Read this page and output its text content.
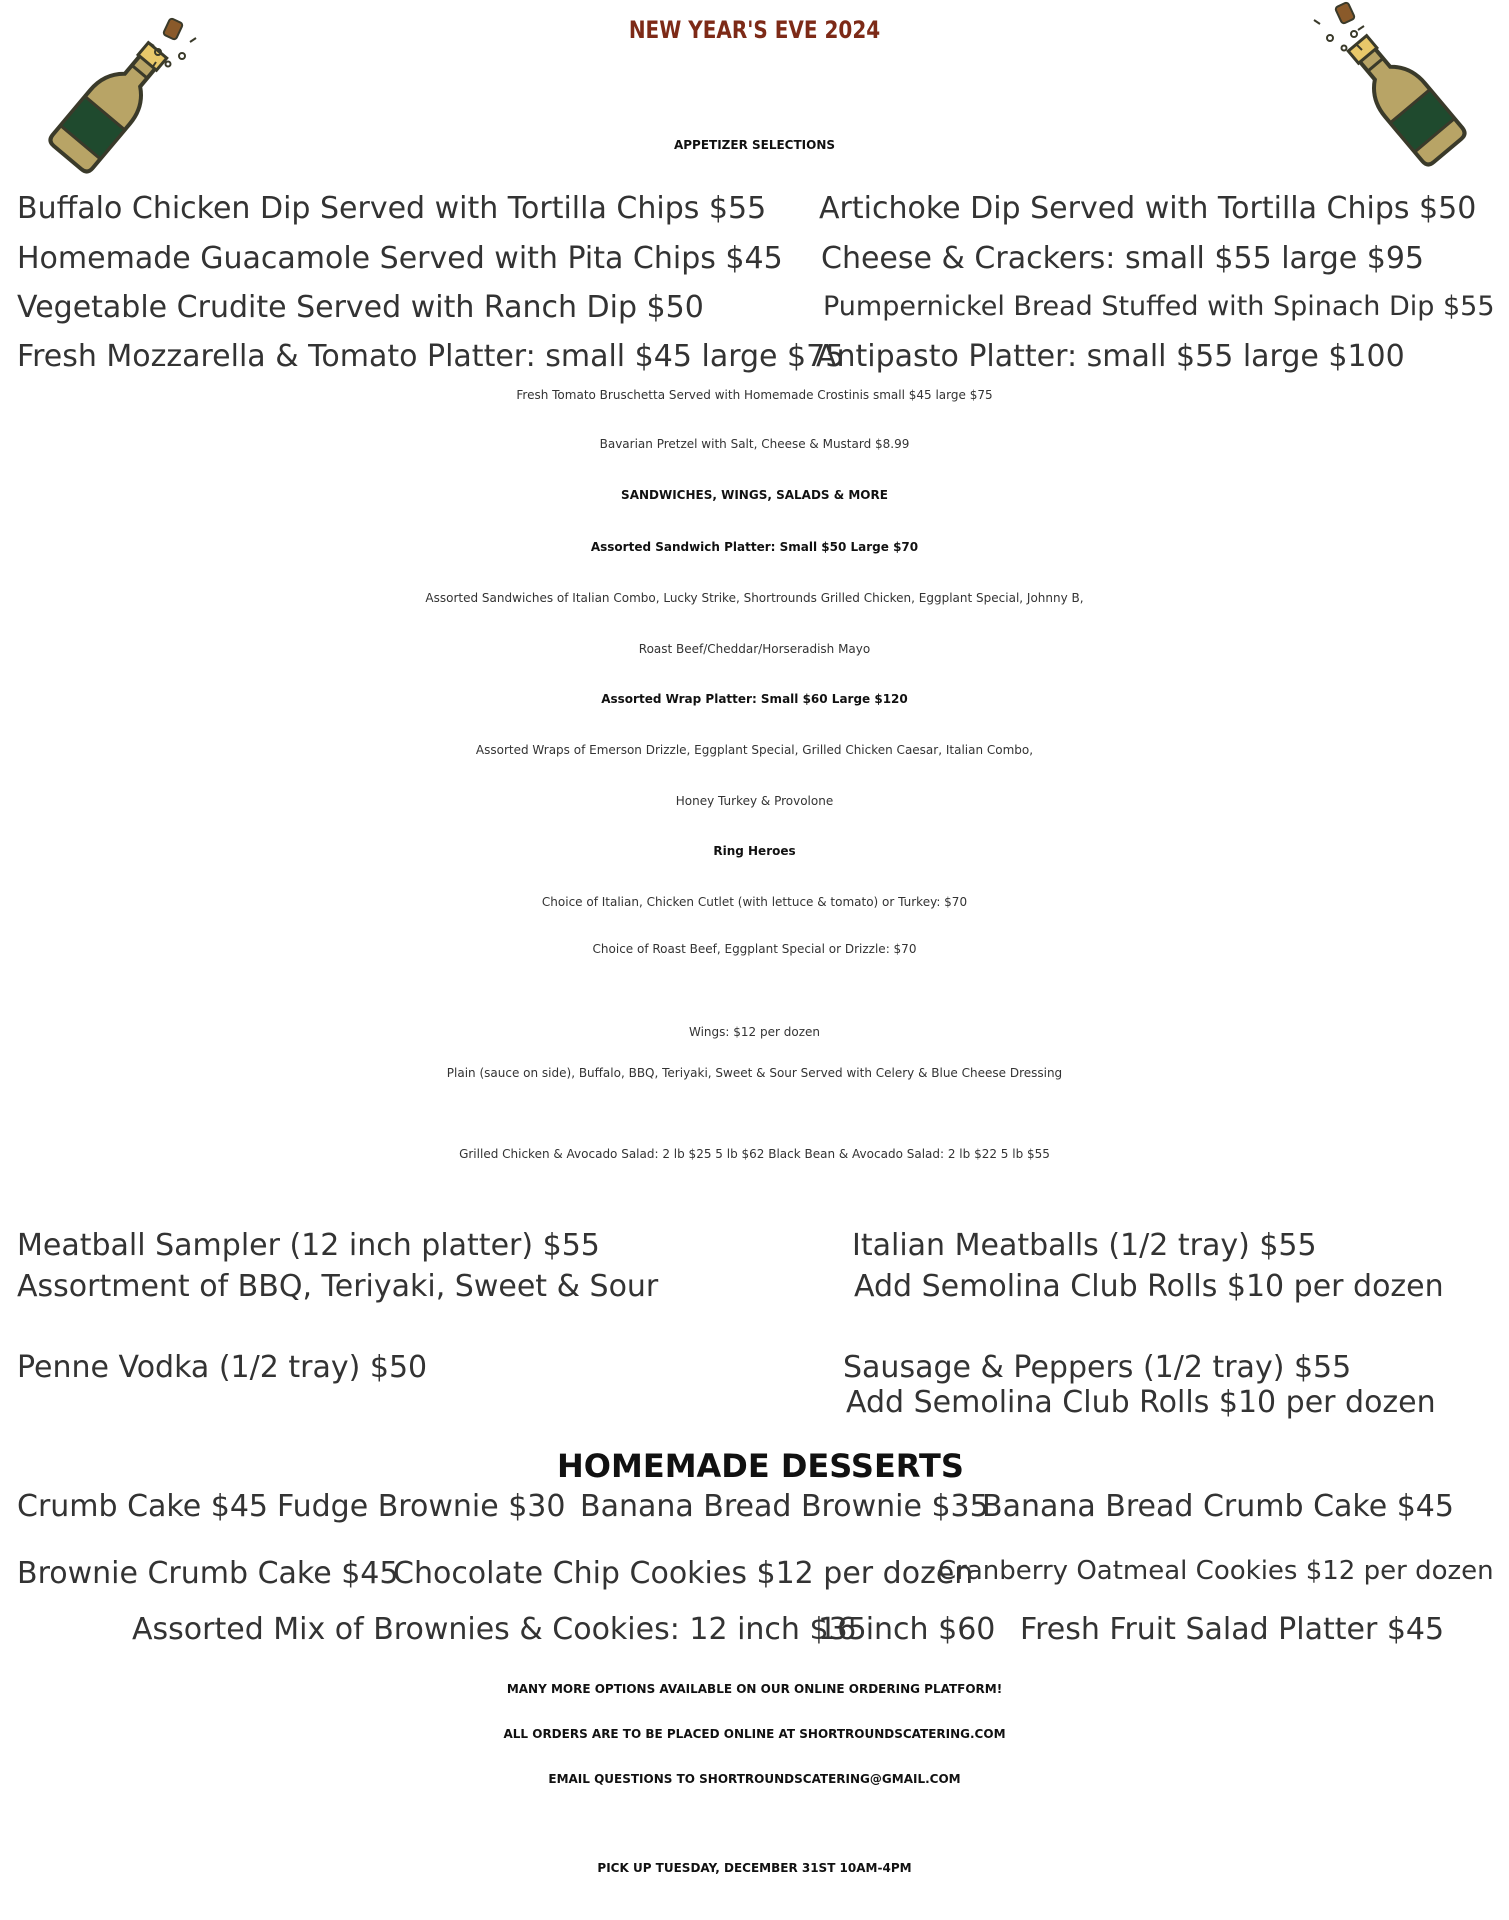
NEW YEAR'S EVE 2024
APPETIZER SELECTIONS
Buffalo Chicken Dip Served with Tortilla Chips $55
Homemade Guacamole Served with Pita Chips $45
Vegetable Crudite Served with Ranch Dip $50
Fresh Mozzarella & Tomato Platter: small $45 large $75
Artichoke Dip Served with Tortilla Chips $50
Cheese & Crackers: small $55 large $95
Pumpernickel Bread Stuffed with Spinach Dip $55
Antipasto Platter: small $55 large $100
Fresh Tomato Bruschetta Served with Homemade Crostinis small $45 large $75
Bavarian Pretzel with Salt, Cheese & Mustard $8.99
SANDWICHES, WINGS, SALADS & MORE
Assorted Sandwich Platter: Small $50 Large $70
Assorted Sandwiches of Italian Combo, Lucky Strike, Shortrounds Grilled Chicken, Eggplant Special, Johnny B,
Roast Beef/Cheddar/Horseradish Mayo
Assorted Wrap Platter: Small $60 Large $120
Assorted Wraps of Emerson Drizzle, Eggplant Special, Grilled Chicken Caesar, Italian Combo,
Honey Turkey & Provolone
Ring Heroes
Choice of Italian, Chicken Cutlet (with lettuce & tomato) or Turkey: $70
Choice of Roast Beef, Eggplant Special or Drizzle: $70
Wings: $12 per dozen
Plain (sauce on side), Buffalo, BBQ, Teriyaki, Sweet & Sour Served with Celery & Blue Cheese Dressing
Grilled Chicken & Avocado Salad: 2 lb $25 5 lb $62 Black Bean & Avocado Salad: 2 lb $22 5 lb $55
Meatball Sampler (12 inch platter) $55
Assortment of BBQ, Teriyaki, Sweet & Sour
Italian Meatballs (1/2 tray) $55
Add Semolina Club Rolls $10 per dozen
Penne Vodka (1/2 tray) $50	Sausage & Peppers (1/2 tray) $55
Add Semolina Club Rolls $10 per dozen
HOMEMADE DESSERTS
Crumb Cake $45 Fudge Brownie $30 Banana Bread Brownie $35
Banana Bread Crumb Cake $45
Brownie Crumb Cake $45
Chocolate Chip Cookies $12 per dozen
Cranberry Oatmeal Cookies $12 per dozen
Assorted Mix of Brownies & Cookies: 12 inch $35
16 inch $60 Fresh Fruit Salad Platter $45
MANY MORE OPTIONS AVAILABLE ON OUR ONLINE ORDERING PLATFORM!
ALL ORDERS ARE TO BE PLACED ONLINE AT SHORTROUNDSCATERING.COM
EMAIL QUESTIONS TO SHORTROUNDSCATERING@GMAIL.COM
PICK UP TUESDAY, DECEMBER 31ST 10AM-4PM
